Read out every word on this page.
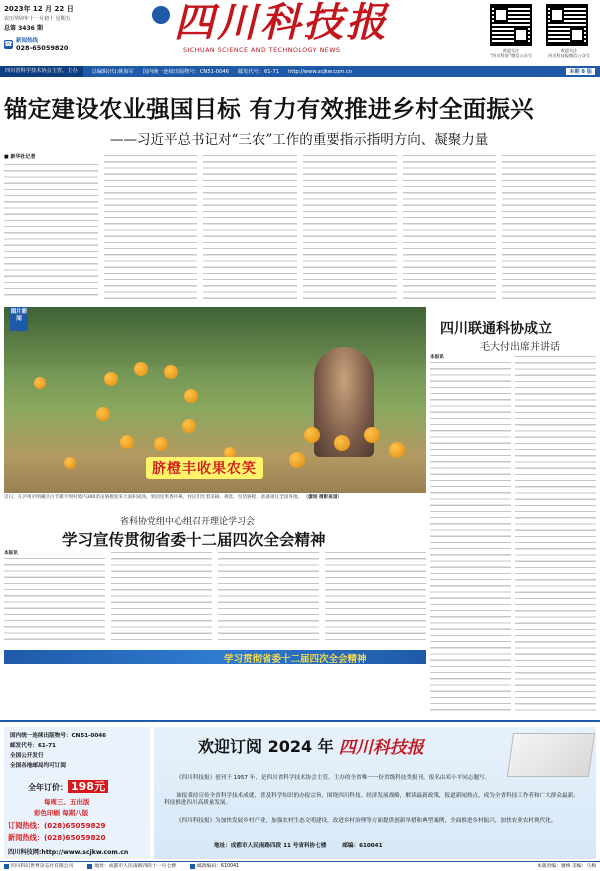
2023年 12 月 22 日
农历癸卯年十一月初十 星期五
总第 3436 期
☎ 新闻热线
028-65059820
四川科技报
SICHUAN SCIENCE AND TECHNOLOGY NEWS	欢迎关注
“四川科协”微信公众号
欢迎关注
四川科技报微信公众号
四川省科学技术协会主管、主办	总编辑(代):姚海军 国内统一连续出版物号：CN51-0046 邮发代号：61-71 http://www.scjkw.com.cn	本期 8 版
锚定建设农业强国目标 有力有效推进乡村全面振兴
——习近平总书记对“三农”工作的重要指示指明方向、凝聚力量
■ 新华社记者
图片新闻
脐橙丰收果农笑
近日，在泸州市纳溪区白节镇平坝村境内300余亩脐橙迎来大面积成熟，果园里果香扑鼻，村民们忙着采摘、挑选、包装脐橙，准备销往全国各地。 （廖刚 摄影报道）
四川联通科协成立
毛大付出席并讲话
本报讯
省科协党组中心组召开理论学习会
学习宣传贯彻省委十二届四次全会精神
本报讯
学习贯彻省委十二届四次全会精神
国内统一连续出版物号：CN51-0046
邮发代号：61-71
全国公开发行
全国各地邮局均可订阅
全年订价： 198元
每周三、五出版
彩色印刷 每期八版
订阅热线：(028)65059829
新闻热线：(028)65059820
四川科技网:http://www.scjkw.com.cn
欢迎订阅 2024 年 四川科技报
《四川科技报》创刊于 1957 年，是四川省科学技术协会主管、主办的全省唯一一份省级科技类报刊，报名由邓小平同志题写。
该报秉持宣传全省科学技术成就、普及科学知识的办报宗旨，围绕四川科技、经济发展战略，解读最新政策，报道新闻热点，成为全省科技工作者和广大群众最新、科技推进四川高质量发展。
《四川科技报》为加快发展乡村产业，加强农村生态文明建设，改进乡村治理等方面提供创新举措和典型案例，全面推进乡村振兴，加快农业农村现代化。
地址：成都市人民南路四段 11 号省科协七楼	邮编：610041
四川科幻世界杂志社有限公司	地址：成都市人民南路四段十一号七楼	邮政编码：610041	本版责编：廖梅 美编：马梅
